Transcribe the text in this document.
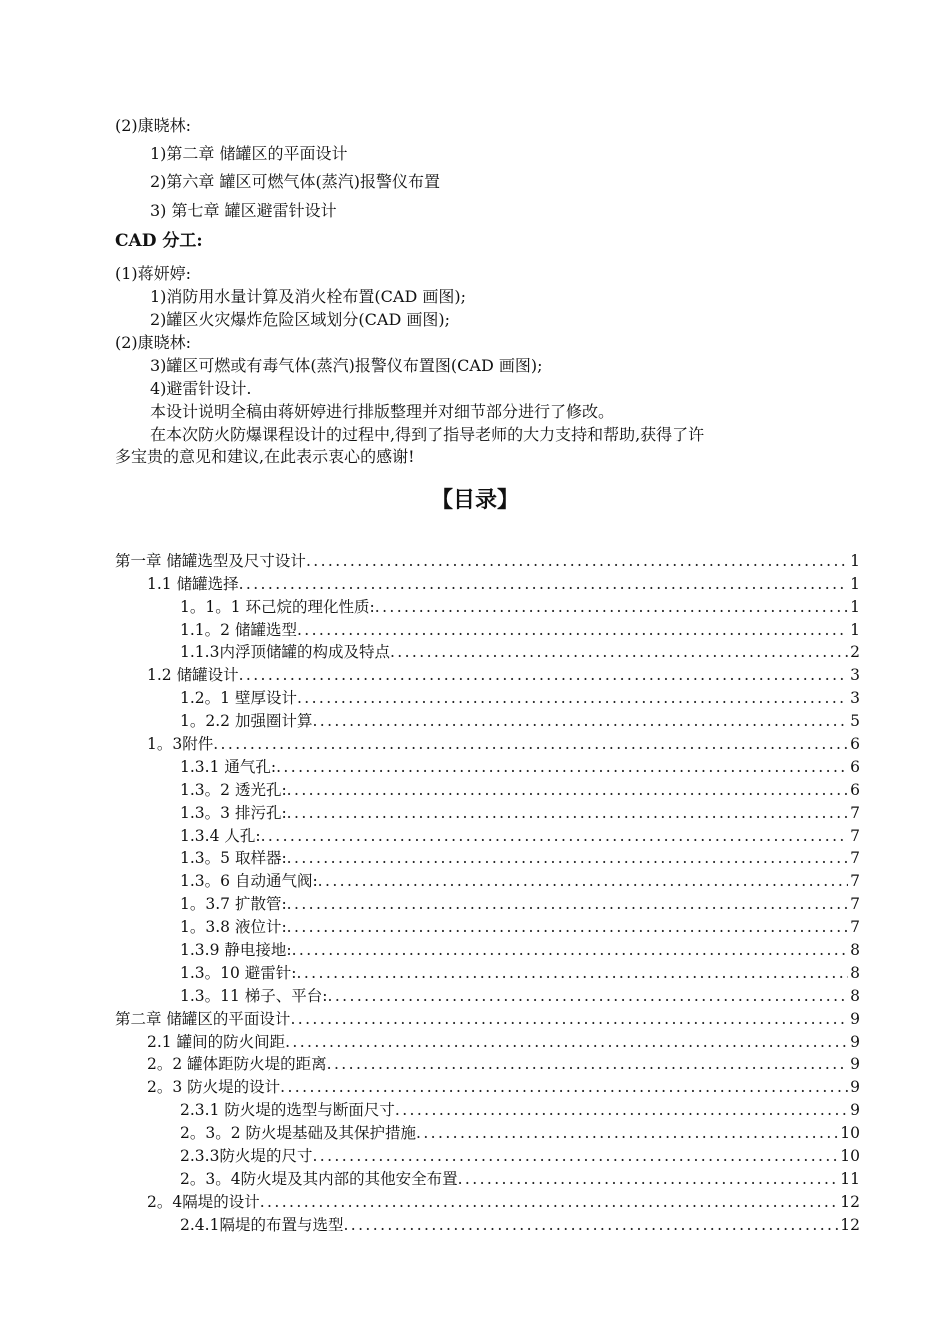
(2)康晓林:
1)第二章 储罐区的平面设计
2)第六章 罐区可燃气体(蒸汽)报警仪布置
3) 第七章 罐区避雷针设计
CAD 分工:
(1)蒋妍婷:
1)消防用水量计算及消火栓布置(CAD 画图);
2)罐区火灾爆炸危险区域划分(CAD 画图);
(2)康晓林:
3)罐区可燃或有毒气体(蒸汽)报警仪布置图(CAD 画图);
4)避雷针设计.
本设计说明全稿由蒋妍婷进行排版整理并对细节部分进行了修改。
在本次防火防爆课程设计的过程中,得到了指导老师的大力支持和帮助,获得了许
多宝贵的意见和建议,在此表示衷心的感谢!
【目录】
第一章 储罐选型及尺寸设计 .....	1
1.1 储罐选择 .....	1
1。1。1 环己烷的理化性质: .....	1
1.1。2 储罐选型 .....	1
1.1.3内浮顶储罐的构成及特点 .....	2
1.2 储罐设计 .....	3
1.2。1 壁厚设计 .....	3
1。2.2 加强圈计算 .....	5
1。3附件 .....	6
1.3.1 通气孔: .....	6
1.3。2 透光孔: .....	6
1.3。3 排污孔: .....	7
1.3.4 人孔: .....	7
1.3。5 取样器: .....	7
1.3。6 自动通气阀: .....	7
1。3.7 扩散管: .....	7
1。3.8 液位计: .....	7
1.3.9 静电接地: .....	8
1.3。10 避雷针: .....	8
1.3。11 梯子、平台: .....	8
第二章 储罐区的平面设计 .....	9
2.1 罐间的防火间距 .....	9
2。2 罐体距防火堤的距离 .....	9
2。3 防火堤的设计 .....	9
2.3.1 防火堤的选型与断面尺寸 .....	9
2。3。2 防火堤基础及其保护措施 .....	10
2.3.3防火堤的尺寸 .....	10
2。3。4防火堤及其内部的其他安全布置 .....	11
2。4隔堤的设计 .....	12
2.4.1隔堤的布置与选型 .....	12
